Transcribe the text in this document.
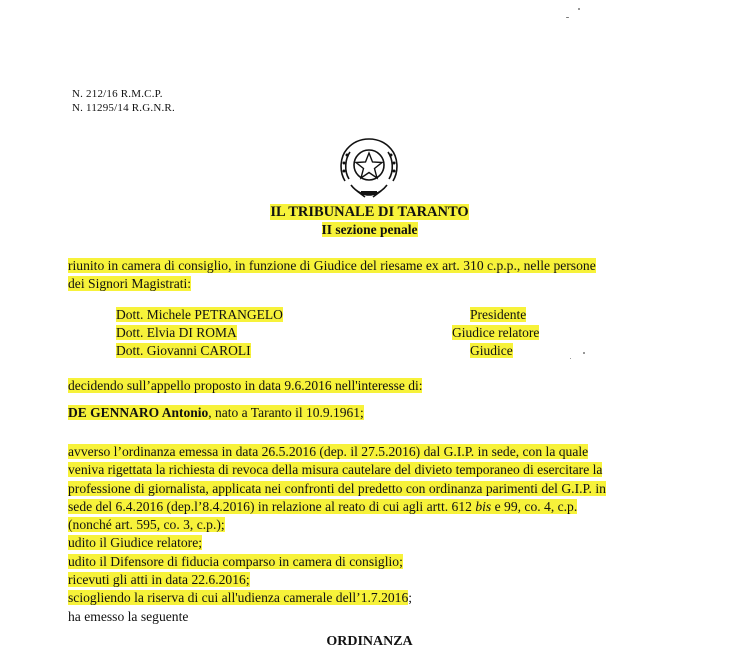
N. 212/16 R.M.C.P.
N. 11295/14 R.G.N.R.
IL TRIBUNALE DI TARANTO
II sezione penale

riunito in camera di consiglio, in funzione di Giudice del riesame ex art. 310 c.p.p., nelle persone

dei Signori Magistrati:

Dott. Michele PETRANGELO	Presidente
Dott. Elvia DI ROMA	Giudice relatore
Dott. Giovanni CAROLI	Giudice
decidendo sull’appello proposto in data 9.6.2016 nell'interesse di:
DE GENNARO Antonio, nato a Taranto il 10.9.1961;

avverso l’ordinanza emessa in data 26.5.2016 (dep. il 27.5.2016) dal G.I.P. in sede, con la quale

veniva rigettata la richiesta di revoca della misura cautelare del divieto temporaneo di esercitare la

professione di giornalista, applicata nei confronti del predetto con ordinanza parimenti del G.I.P. in

sede del 6.4.2016 (dep.l’8.4.2016) in relazione al reato di cui agli artt. 612 bis e 99, co. 4, c.p.

(nonché art. 595, co. 3, c.p.);

udito il Giudice relatore;

udito il Difensore di fiducia comparso in camera di consiglio;

ricevuti gli atti in data 22.6.2016;

sciogliendo la riserva di cui all'udienza camerale dell’1.7.2016;

ha emesso la seguente

ORDINANZA
